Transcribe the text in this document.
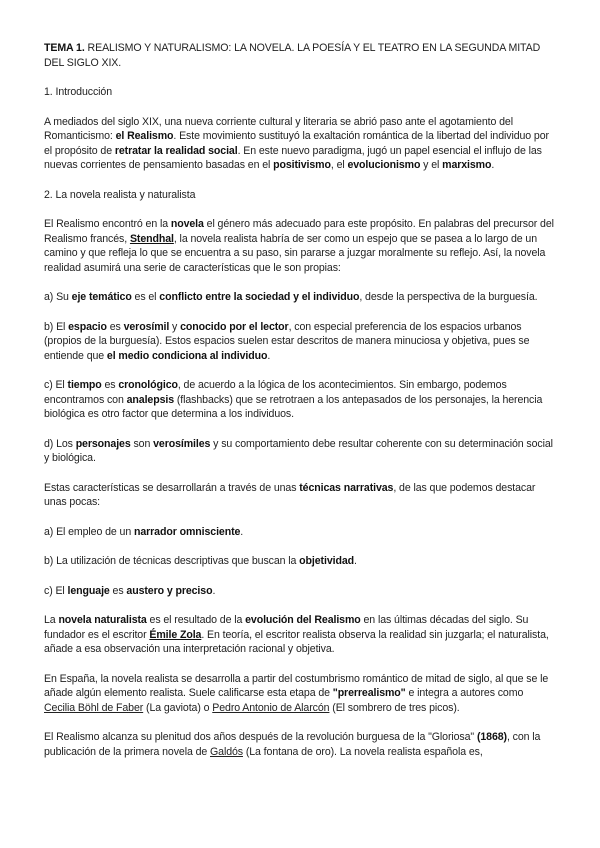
TEMA 1. REALISMO Y NATURALISMO: LA NOVELA. LA POESÍA Y EL TEATRO EN LA SEGUNDA MITAD DEL SIGLO XIX.

1. Introducción

A mediados del siglo XIX, una nueva corriente cultural y literaria se abrió paso ante el agotamiento del Romanticismo: el Realismo. Este movimiento sustituyó la exaltación romántica de la libertad del individuo por el propósito de retratar la realidad social. En este nuevo paradigma, jugó un papel esencial el influjo de las nuevas corrientes de pensamiento basadas en el positivismo, el evolucionismo y el marxismo.

2. La novela realista y naturalista

El Realismo encontró en la novela el género más adecuado para este propósito. En palabras del precursor del Realismo francés, Stendhal, la novela realista habría de ser como un espejo que se pasea a lo largo de un camino y que refleja lo que se encuentra a su paso, sin pararse a juzgar moralmente su reflejo. Así, la novela realidad asumirá una serie de características que le son propias:

a) Su eje temático es el conflicto entre la sociedad y el individuo, desde la perspectiva de la burguesía.

b) El espacio es verosímil y conocido por el lector, con especial preferencia de los espacios urbanos (propios de la burguesía). Estos espacios suelen estar descritos de manera minuciosa y objetiva, pues se entiende que el medio condiciona al individuo.

c) El tiempo es cronológico, de acuerdo a la lógica de los acontecimientos. Sin embargo, podemos encontramos con analepsis (flashbacks) que se retrotraen a los antepasados de los personajes, la herencia biológica es otro factor que determina a los individuos.

d) Los personajes son verosímiles y su comportamiento debe resultar coherente con su determinación social y biológica.

Estas características se desarrollarán a través de unas técnicas narrativas, de las que podemos destacar unas pocas:

a) El empleo de un narrador omnisciente.

b) La utilización de técnicas descriptivas que buscan la objetividad.

c) El lenguaje es austero y preciso.

La novela naturalista es el resultado de la evolución del Realismo en las últimas décadas del siglo. Su fundador es el escritor Émile Zola. En teoría, el escritor realista observa la realidad sin juzgarla; el naturalista, añade a esa observación una interpretación racional y objetiva.

En España, la novela realista se desarrolla a partir del costumbrismo romántico de mitad de siglo, al que se le añade algún elemento realista. Suele calificarse esta etapa de "prerrealismo" e integra a autores como Cecilia Böhl de Faber (La gaviota) o Pedro Antonio de Alarcón (El sombrero de tres picos).

El Realismo alcanza su plenitud dos años después de la revolución burguesa de la "Gloriosa" (1868), con la publicación de la primera novela de Galdós (La fontana de oro). La novela realista española es,
